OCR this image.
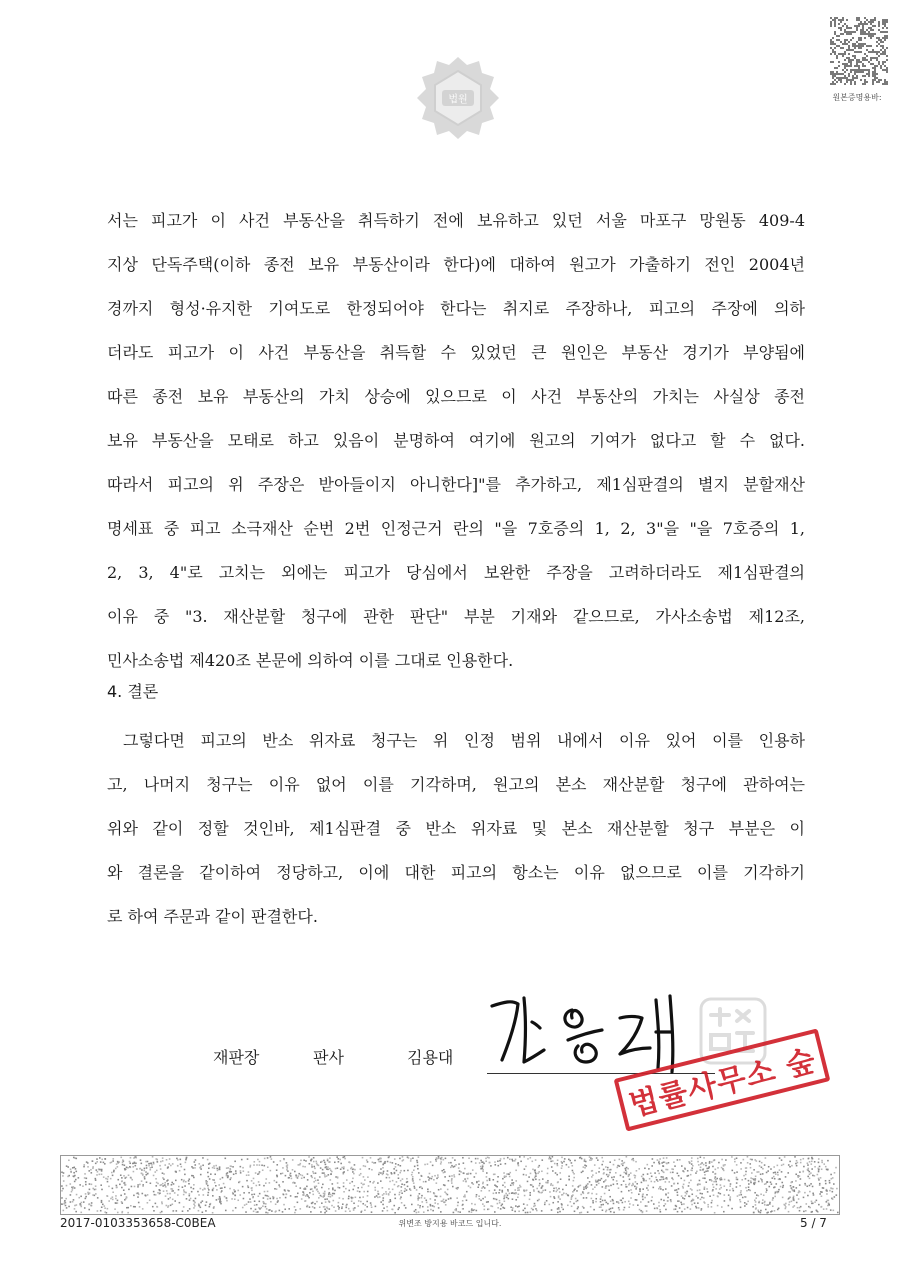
법원	원본증명용바:
서는 피고가 이 사건 부동산을 취득하기 전에 보유하고 있던 서울 마포구 망원동 409-4
지상 단독주택(이하 종전 보유 부동산이라 한다)에 대하여 원고가 가출하기 전인 2004년
경까지 형성·유지한 기여도로 한정되어야 한다는 취지로 주장하나, 피고의 주장에 의하
더라도 피고가 이 사건 부동산을 취득할 수 있었던 큰 원인은 부동산 경기가 부양됨에
따른 종전 보유 부동산의 가치 상승에 있으므로 이 사건 부동산의 가치는 사실상 종전
보유 부동산을 모태로 하고 있음이 분명하여 여기에 원고의 기여가 없다고 할 수 없다.
따라서 피고의 위 주장은 받아들이지 아니한다]"를 추가하고, 제1심판결의 별지 분할재산
명세표 중 피고 소극재산 순번 2번 인정근거 란의 "을 7호증의 1, 2, 3"을 "을 7호증의 1,
2, 3, 4"로 고치는 외에는 피고가 당심에서 보완한 주장을 고려하더라도 제1심판결의
이유 중 "3. 재산분할 청구에 관한 판단" 부분 기재와 같으므로, 가사소송법 제12조,
민사소송법 제420조 본문에 의하여 이를 그대로 인용한다.
4. 결론
그렇다면 피고의 반소 위자료 청구는 위 인정 범위 내에서 이유 있어 이를 인용하
고, 나머지 청구는 이유 없어 이를 기각하며, 원고의 본소 재산분할 청구에 관하여는
위와 같이 정할 것인바, 제1심판결 중 반소 위자료 및 본소 재산분할 청구 부분은 이
와 결론을 같이하여 정당하고, 이에 대한 피고의 항소는 이유 없으므로 이를 기각하기
로 하여 주문과 같이 판결한다.
재판장	판사	김용대	법률사무소 숲
2017-0103353658-C0BEA	위변조 방지용 바코드 입니다.	5 / 7
